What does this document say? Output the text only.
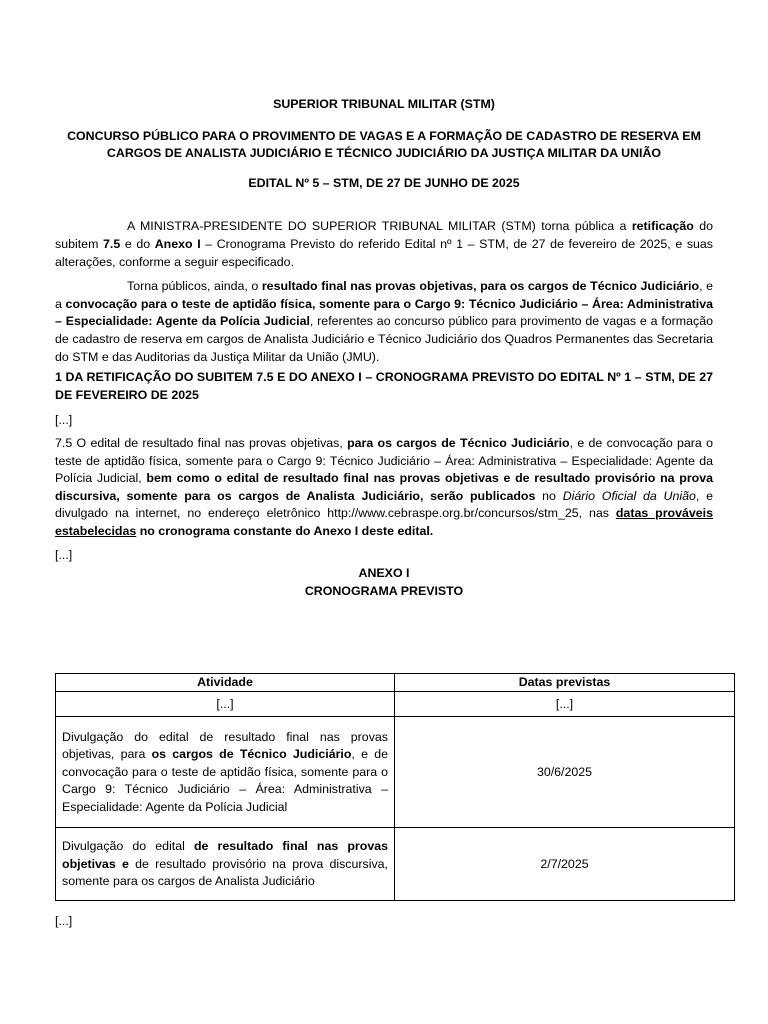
SUPERIOR TRIBUNAL MILITAR (STM)
CONCURSO PÚBLICO PARA O PROVIMENTO DE VAGAS E A FORMAÇÃO DE CADASTRO DE RESERVA EM CARGOS DE ANALISTA JUDICIÁRIO E TÉCNICO JUDICIÁRIO DA JUSTIÇA MILITAR DA UNIÃO
EDITAL Nº 5 – STM, DE 27 DE JUNHO DE 2025

A MINISTRA-PRESIDENTE DO SUPERIOR TRIBUNAL MILITAR (STM) torna pública a retificação do subitem 7.5 e do Anexo I – Cronograma Previsto do referido Edital nº 1 – STM, de 27 de fevereiro de 2025, e suas alterações, conforme a seguir especificado.

Torna públicos, ainda, o resultado final nas provas objetivas, para os cargos de Técnico Judiciário, e a convocação para o teste de aptidão física, somente para o Cargo 9: Técnico Judiciário – Área: Administrativa – Especialidade: Agente da Polícia Judicial, referentes ao concurso público para provimento de vagas e a formação de cadastro de reserva em cargos de Analista Judiciário e Técnico Judiciário dos Quadros Permanentes das Secretaria do STM e das Auditorias da Justiça Militar da União (JMU).

1 DA RETIFICAÇÃO DO SUBITEM 7.5 E DO ANEXO I – CRONOGRAMA PREVISTO DO EDITAL Nº 1 – STM, DE 27 DE FEVEREIRO DE 2025

[...]

7.5 O edital de resultado final nas provas objetivas, para os cargos de Técnico Judiciário, e de convocação para o teste de aptidão física, somente para o Cargo 9: Técnico Judiciário – Área: Administrativa – Especialidade: Agente da Polícia Judicial, bem como o edital de resultado final nas provas objetivas e de resultado provisório na prova discursiva, somente para os cargos de Analista Judiciário, serão publicados no Diário Oficial da União, e divulgado na internet, no endereço eletrônico http://www.cebraspe.org.br/concursos/stm_25, nas datas prováveis estabelecidas no cronograma constante do Anexo I deste edital.

[...]

ANEXO I
CRONOGRAMA PREVISTO
Atividade	Datas previstas
[...]	[...]
Divulgação do edital de resultado final nas provas objetivas, para os cargos de Técnico Judiciário, e de convocação para o teste de aptidão física, somente para o Cargo 9: Técnico Judiciário – Área: Administrativa – Especialidade: Agente da Polícia Judicial	30/6/2025
Divulgação do edital de resultado final nas provas objetivas e de resultado provisório na prova discursiva, somente para os cargos de Analista Judiciário	2/7/2025
[...]
